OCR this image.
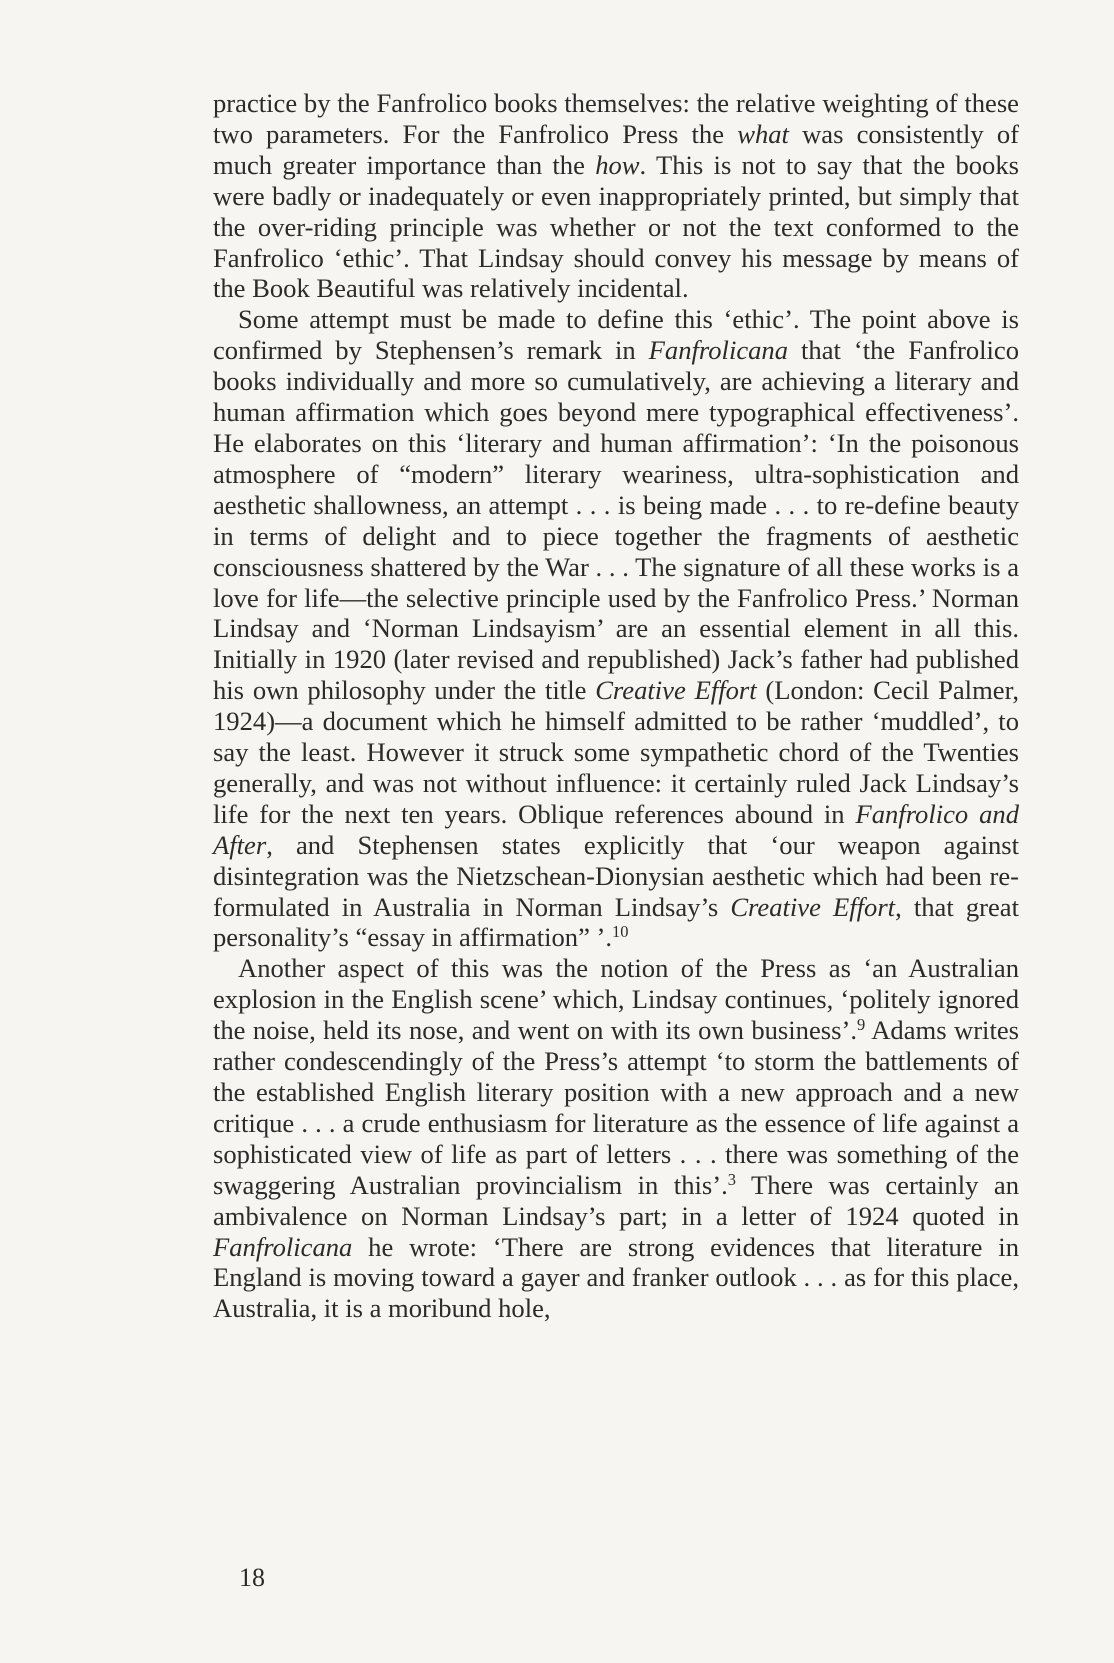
practice by the Fanfrolico books themselves: the relative weighting of these two parameters. For the Fanfrolico Press the what was consistently of much greater importance than the how. This is not to say that the books were badly or inadequately or even inappropriately printed, but simply that the over-riding principle was whether or not the text conformed to the Fanfrolico ‘ethic’. That Lindsay should convey his message by means of the Book Beautiful was relatively incidental.

Some attempt must be made to define this ‘ethic’. The point above is confirmed by Stephensen’s remark in Fanfrolicana that ‘the Fanfrolico books individually and more so cumulatively, are achieving a literary and human affirmation which goes beyond mere typographical effectiveness’. He elaborates on this ‘literary and human affirmation’: ‘In the poisonous atmosphere of “modern” literary weariness, ultra-sophistication and aesthetic shallowness, an attempt . . . is being made . . . to re-define beauty in terms of delight and to piece together the fragments of aesthetic consciousness shattered by the War . . . The signature of all these works is a love for life—the selective principle used by the Fanfrolico Press.’ Norman Lindsay and ‘Norman Lindsayism’ are an essential element in all this. Initially in 1920 (later revised and republished) Jack’s father had published his own philosophy under the title Creative Effort (London: Cecil Palmer, 1924)—a document which he himself admitted to be rather ‘muddled’, to say the least. However it struck some sympathetic chord of the Twenties generally, and was not without influence: it certainly ruled Jack Lindsay’s life for the next ten years. Oblique references abound in Fanfrolico and After, and Stephensen states explicitly that ‘our weapon against disintegration was the Nietzschean-Dionysian aesthetic which had been re-formulated in Australia in Norman Lindsay’s Creative Effort, that great personality’s “essay in affirmation” ’.$^{10}$

Another aspect of this was the notion of the Press as ‘an Australian explosion in the English scene’ which, Lindsay continues, ‘politely ignored the noise, held its nose, and went on with its own business’.$^9$ Adams writes rather condescendingly of the Press’s attempt ‘to storm the battlements of the established English literary position with a new approach and a new critique . . . a crude enthusiasm for literature as the essence of life against a sophisticated view of life as part of letters . . . there was something of the swaggering Australian provincialism in this’.$^3$ There was certainly an ambivalence on Norman Lindsay’s part; in a letter of 1924 quoted in Fanfrolicana he wrote: ‘There are strong evidences that literature in England is moving toward a gayer and franker outlook . . . as for this place, Australia, it is a moribund hole,

18
